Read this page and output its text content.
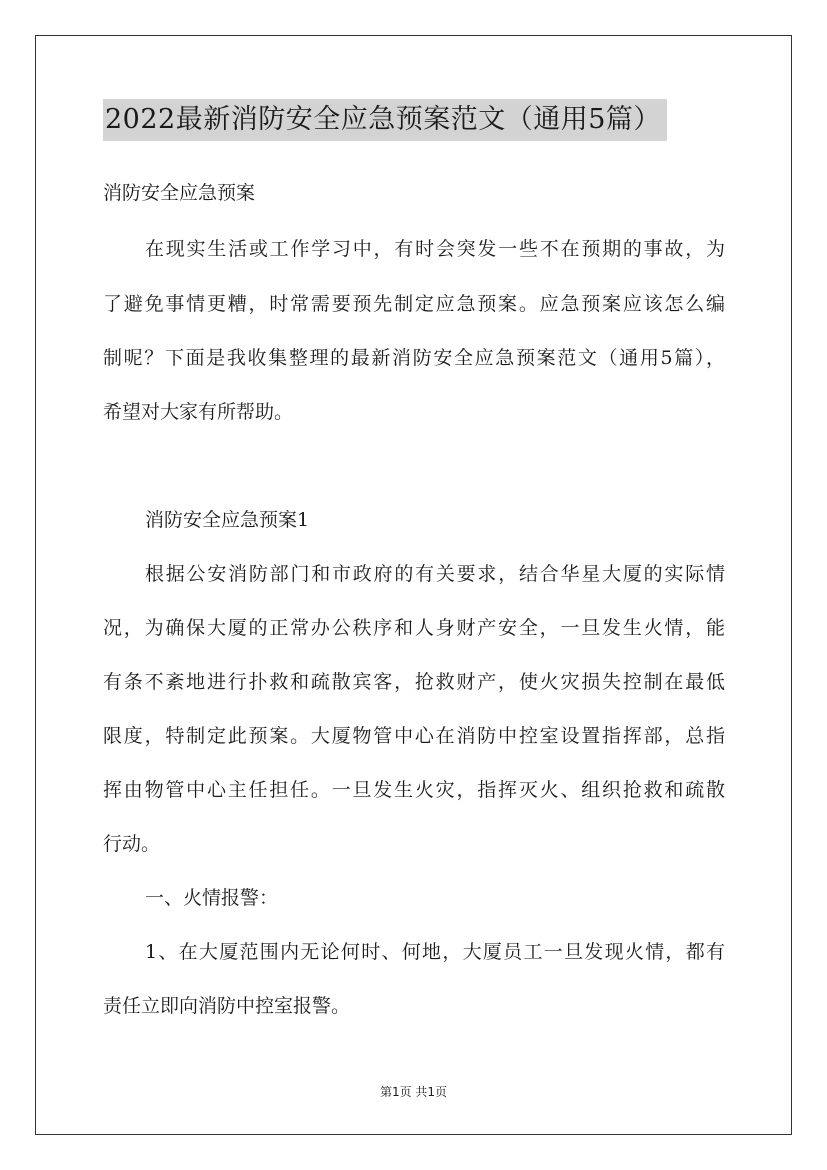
2022最新消防安全应急预案范文（通用5篇）
消防安全应急预案
在现实生活或工作学习中，有时会突发一些不在预期的事故，为
了避免事情更糟，时常需要预先制定应急预案。应急预案应该怎么编
制呢？下面是我收集整理的最新消防安全应急预案范文（通用5篇），
希望对大家有所帮助。
消防安全应急预案1
根据公安消防部门和市政府的有关要求，结合华星大厦的实际情
况，为确保大厦的正常办公秩序和人身财产安全，一旦发生火情，能
有条不紊地进行扑救和疏散宾客，抢救财产，使火灾损失控制在最低
限度，特制定此预案。大厦物管中心在消防中控室设置指挥部，总指
挥由物管中心主任担任。一旦发生火灾，指挥灭火、组织抢救和疏散
行动。
一、火情报警：
1、在大厦范围内无论何时、何地，大厦员工一旦发现火情，都有
责任立即向消防中控室报警。
第1页 共1页
